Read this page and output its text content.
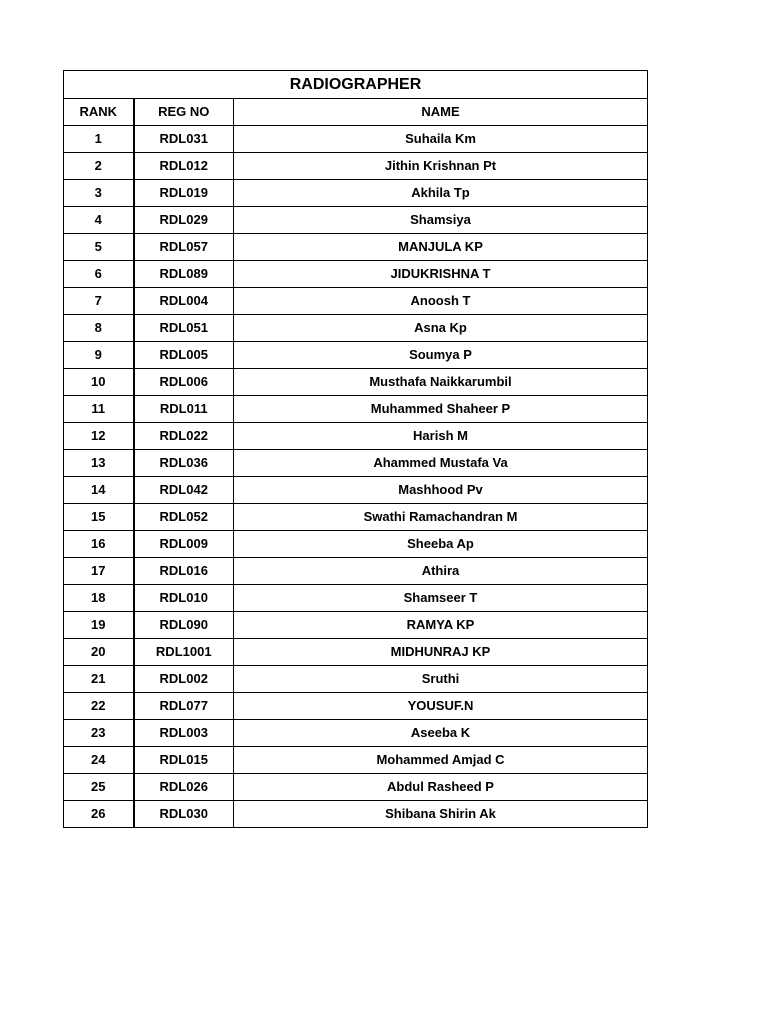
RADIOGRAPHER		
RANK	REG NO	NAME
1	RDL031	Suhaila Km
2	RDL012	Jithin Krishnan Pt
3	RDL019	Akhila Tp
4	RDL029	Shamsiya
5	RDL057	MANJULA KP
6	RDL089	JIDUKRISHNA T
7	RDL004	Anoosh T
8	RDL051	Asna Kp
9	RDL005	Soumya P
10	RDL006	Musthafa Naikkarumbil
11	RDL011	Muhammed Shaheer P
12	RDL022	Harish M
13	RDL036	Ahammed Mustafa Va
14	RDL042	Mashhood Pv
15	RDL052	Swathi Ramachandran M
16	RDL009	Sheeba Ap
17	RDL016	Athira
18	RDL010	Shamseer T
19	RDL090	RAMYA KP
20	RDL1001	MIDHUNRAJ KP
21	RDL002	Sruthi
22	RDL077	YOUSUF.N
23	RDL003	Aseeba K
24	RDL015	Mohammed Amjad C
25	RDL026	Abdul Rasheed P
26	RDL030	Shibana Shirin Ak
